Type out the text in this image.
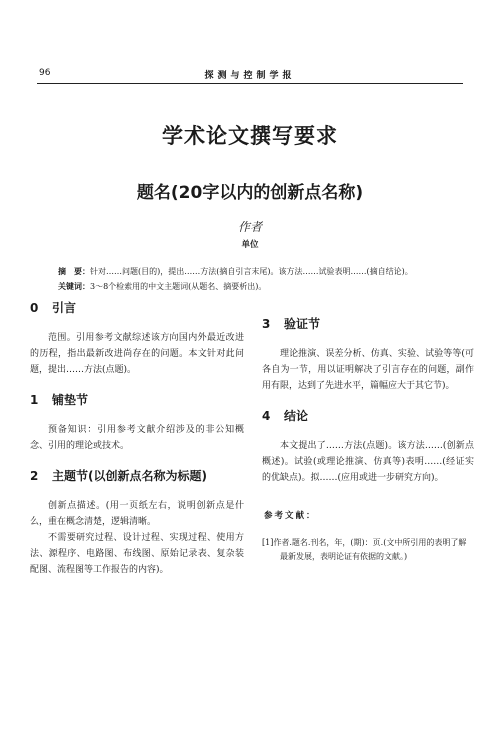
96	探测与控制学报
学术论文撰写要求
题名(20字以内的创新点名称)
作者
单位
摘　要：针对……问题(目的)，提出……方法(摘自引言末尾)。该方法……试验表明……(摘自结论)。
关键词：3～8个检索用的中文主题词(从题名、摘要析出)。
0 引言

范围。引用参考文献综述该方向国内外最近改进的历程，指出最新改进尚存在的问题。本文针对此问题，提出……方法(点题)。

1 铺垫节

预备知识：引用参考文献介绍涉及的非公知概念、引用的理论或技术。

2 主题节(以创新点名称为标题)

创新点描述。(用一页纸左右，说明创新点是什么，重在概念清楚，逻辑清晰。

不需要研究过程、设计过程、实现过程、使用方法、源程序、电路图、布线图、原始记录表、复杂装配图、流程图等工作报告的内容)。

3 验证节

理论推演、误差分析、仿真、实验、试验等等(可各自为一节，用以证明解决了引言存在的问题，副作用有限，达到了先进水平，篇幅应大于其它节)。

4 结论

本文提出了……方法(点题)。该方法……(创新点概述)。试验(或理论推演、仿真等)表明……(经证实的优缺点)。拟……(应用或进一步研究方向)。

参考文献：

[1]作者.题名.刊名，年，(期)：页.(文中所引用的表明了解最新发展，表明论证有依据的文献。)
